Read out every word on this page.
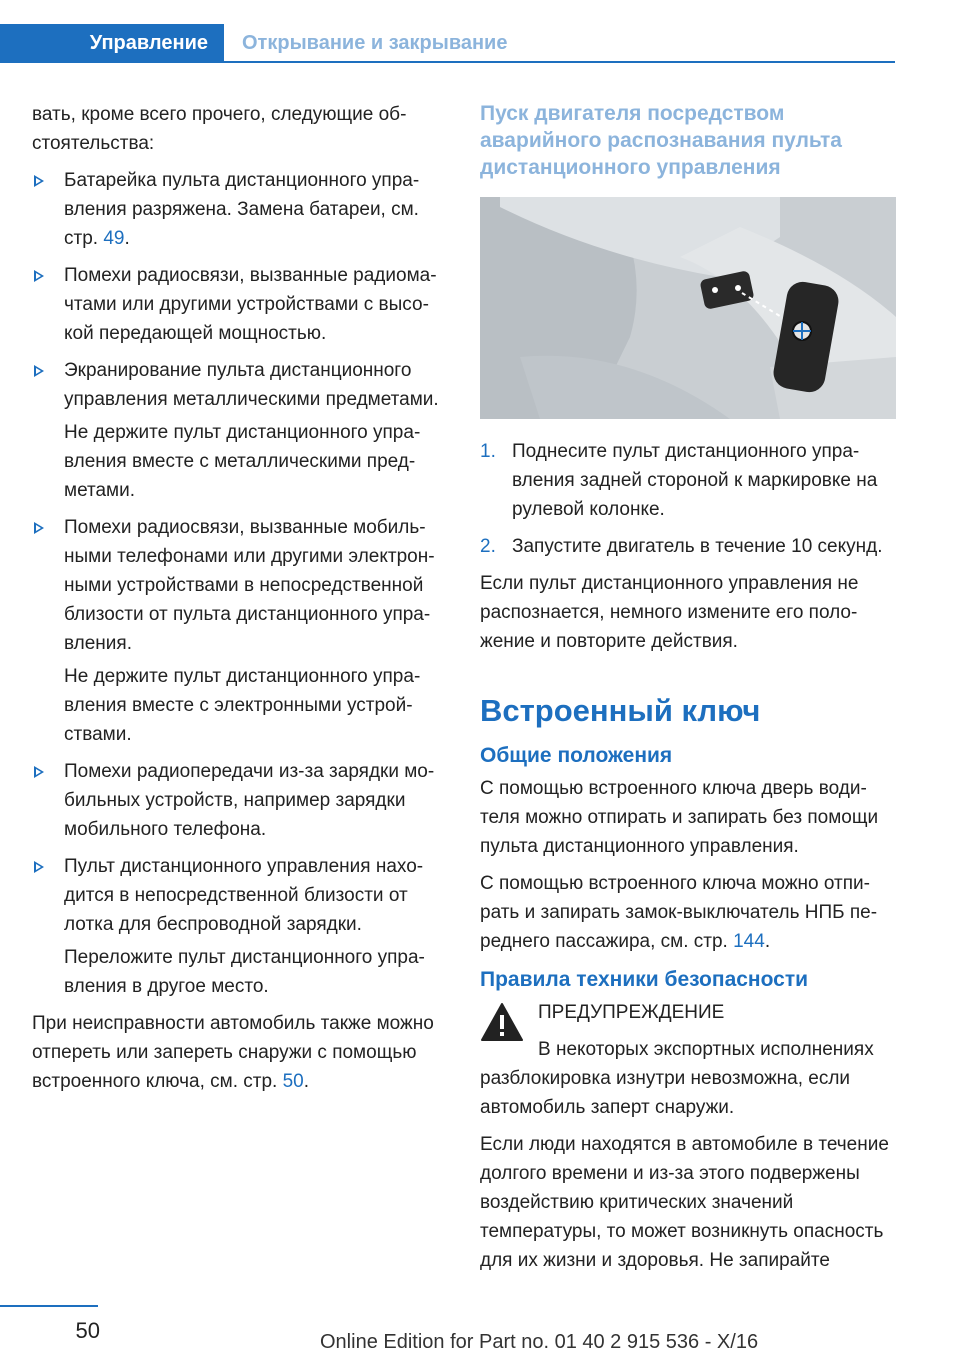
Управление	Открывание и закрывание

вать, кроме всего прочего, следующие обстоятельства:

Батарейка пульта дистанционного управления разряжена. Замена батареи, см. стр. 49.
Помехи радиосвязи, вызванные радиомачтами или другими устройствами с высокой передающей мощностью.
Экранирование пульта дистанционного управления металлическими предметами.
Не держите пульт дистанционного управления вместе с металлическими предметами.
Помехи радиосвязи, вызванные мобильными телефонами или другими электронными устройствами в непосредственной близости от пульта дистанционного управления.
Не держите пульт дистанционного управления вместе с электронными устройствами.
Помехи радиопередачи из-за зарядки мобильных устройств, например зарядки мобильного телефона.
Пульт дистанционного управления находится в непосредственной близости от лотка для беспроводной зарядки.
Переложите пульт дистанционного управления в другое место.

При неисправности автомобиль также можно отпереть или запереть снаружи с помощью встроенного ключа, см. стр. 50.

Пуск двигателя посредством аварийного распознавания пульта дистанционного управления
1. Поднесите пульт дистанционного управления задней стороной к маркировке на рулевой колонке.
2. Запустите двигатель в течение 10 секунд.

Если пульт дистанционного управления не распознается, немного измените его положение и повторите действия.

Встроенный ключ
Общие положения

С помощью встроенного ключа дверь водителя можно отпирать и запирать без помощи пульта дистанционного управления.

С помощью встроенного ключа можно отпирать и запирать замок-выключатель НПБ переднего пассажира, см. стр. 144.

Правила техники безопасности

ПРЕДУПРЕЖДЕНИЕ

В некоторых экспортных исполнениях разблокировка изнутри невозможна, если автомобиль заперт снаружи.

Если люди находятся в автомобиле в течение долгого времени и из-за этого подвержены воздействию критических значений температуры, то может возникнуть опасность для их жизни и здоровья. Не запирайте

50	Online Edition for Part no. 01 40 2 915 536 - X/16
